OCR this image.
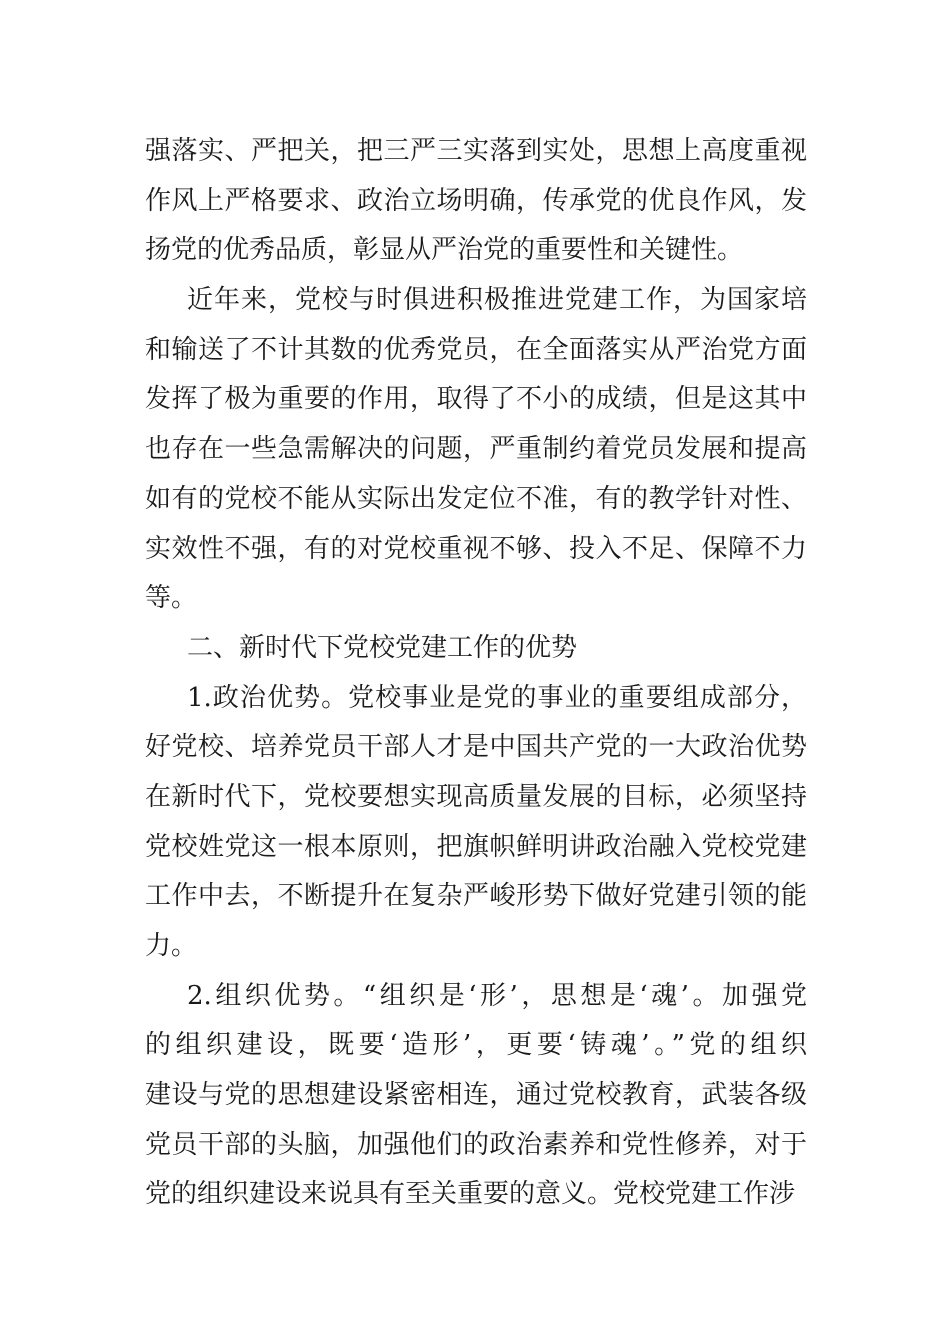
强落实、严把关，把三严三实落到实处，思想上高度重视
作风上严格要求、政治立场明确，传承党的优良作风，发
扬党的优秀品质，彰显从严治党的重要性和关键性。
近年来，党校与时俱进积极推进党建工作，为国家培
和输送了不计其数的优秀党员，在全面落实从严治党方面
发挥了极为重要的作用，取得了不小的成绩，但是这其中
也存在一些急需解决的问题，严重制约着党员发展和提高
如有的党校不能从实际出发定位不准，有的教学针对性、
实效性不强，有的对党校重视不够、投入不足、保障不力
等。
二、新时代下党校党建工作的优势
1.政治优势。党校事业是党的事业的重要组成部分，
好党校、培养党员干部人才是中国共产党的一大政治优势
在新时代下，党校要想实现高质量发展的目标，必须坚持
党校姓党这一根本原则，把旗帜鲜明讲政治融入党校党建
工作中去，不断提升在复杂严峻形势下做好党建引领的能
力。
2.组织优势。“组织是‘形’，思想是‘魂’。加强党
的组织建设，既要‘造形’，更要‘铸魂’。”党的组织
建设与党的思想建设紧密相连，通过党校教育，武装各级
党员干部的头脑，加强他们的政治素养和党性修养，对于
党的组织建设来说具有至关重要的意义。党校党建工作涉
